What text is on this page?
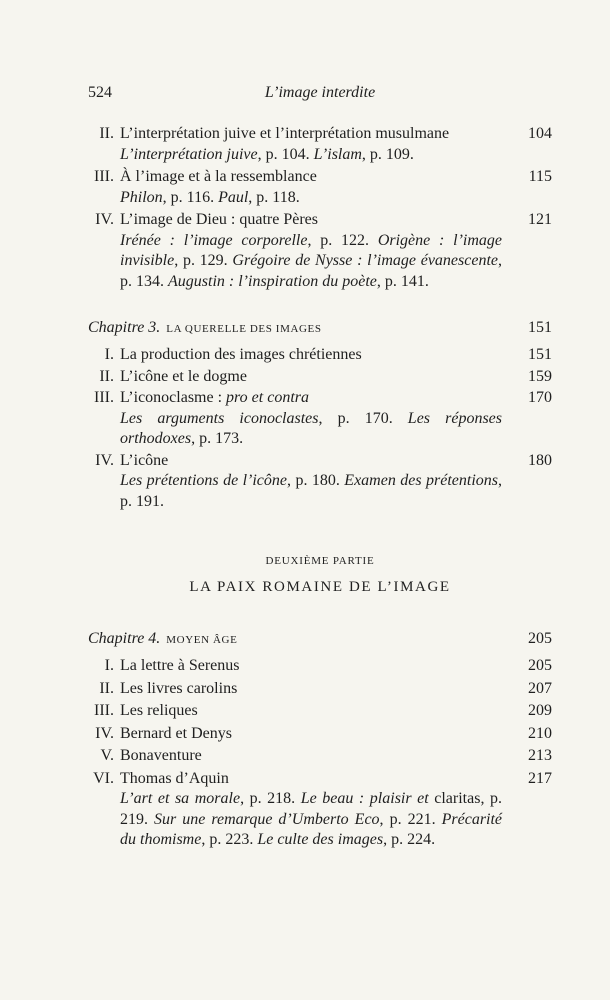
524	L’image interdite
II. L’interprétation juive et l’interprétation musulmane	104
L’interprétation juive, p. 104. L’islam, p. 109.
III. À l’image et à la ressemblance	115
Philon, p. 116. Paul, p. 118.
IV. L’image de Dieu : quatre Pères	121
Irénée : l’image corporelle, p. 122. Origène : l’image invisible, p. 129. Grégoire de Nysse : l’image évanescente, p. 134. Augustin : l’inspiration du poète, p. 141.
Chapitre 3. LA QUERELLE DES IMAGES	151
I. La production des images chrétiennes	151
II. L’icône et le dogme	159
III. L’iconoclasme : pro et contra	170
Les arguments iconoclastes, p. 170. Les réponses orthodoxes, p. 173.
IV. L’icône	180
Les prétentions de l’icône, p. 180. Examen des prétentions, p. 191.
DEUXIÈME PARTIE
LA PAIX ROMAINE DE L’IMAGE
Chapitre 4. MOYEN ÂGE	205
I. La lettre à Serenus	205
II. Les livres carolins	207
III. Les reliques	209
IV. Bernard et Denys	210
V. Bonaventure	213
VI. Thomas d’Aquin	217
L’art et sa morale, p. 218. Le beau : plaisir et claritas, p. 219. Sur une remarque d’Umberto Eco, p. 221. Précarité du thomisme, p. 223. Le culte des images, p. 224.
